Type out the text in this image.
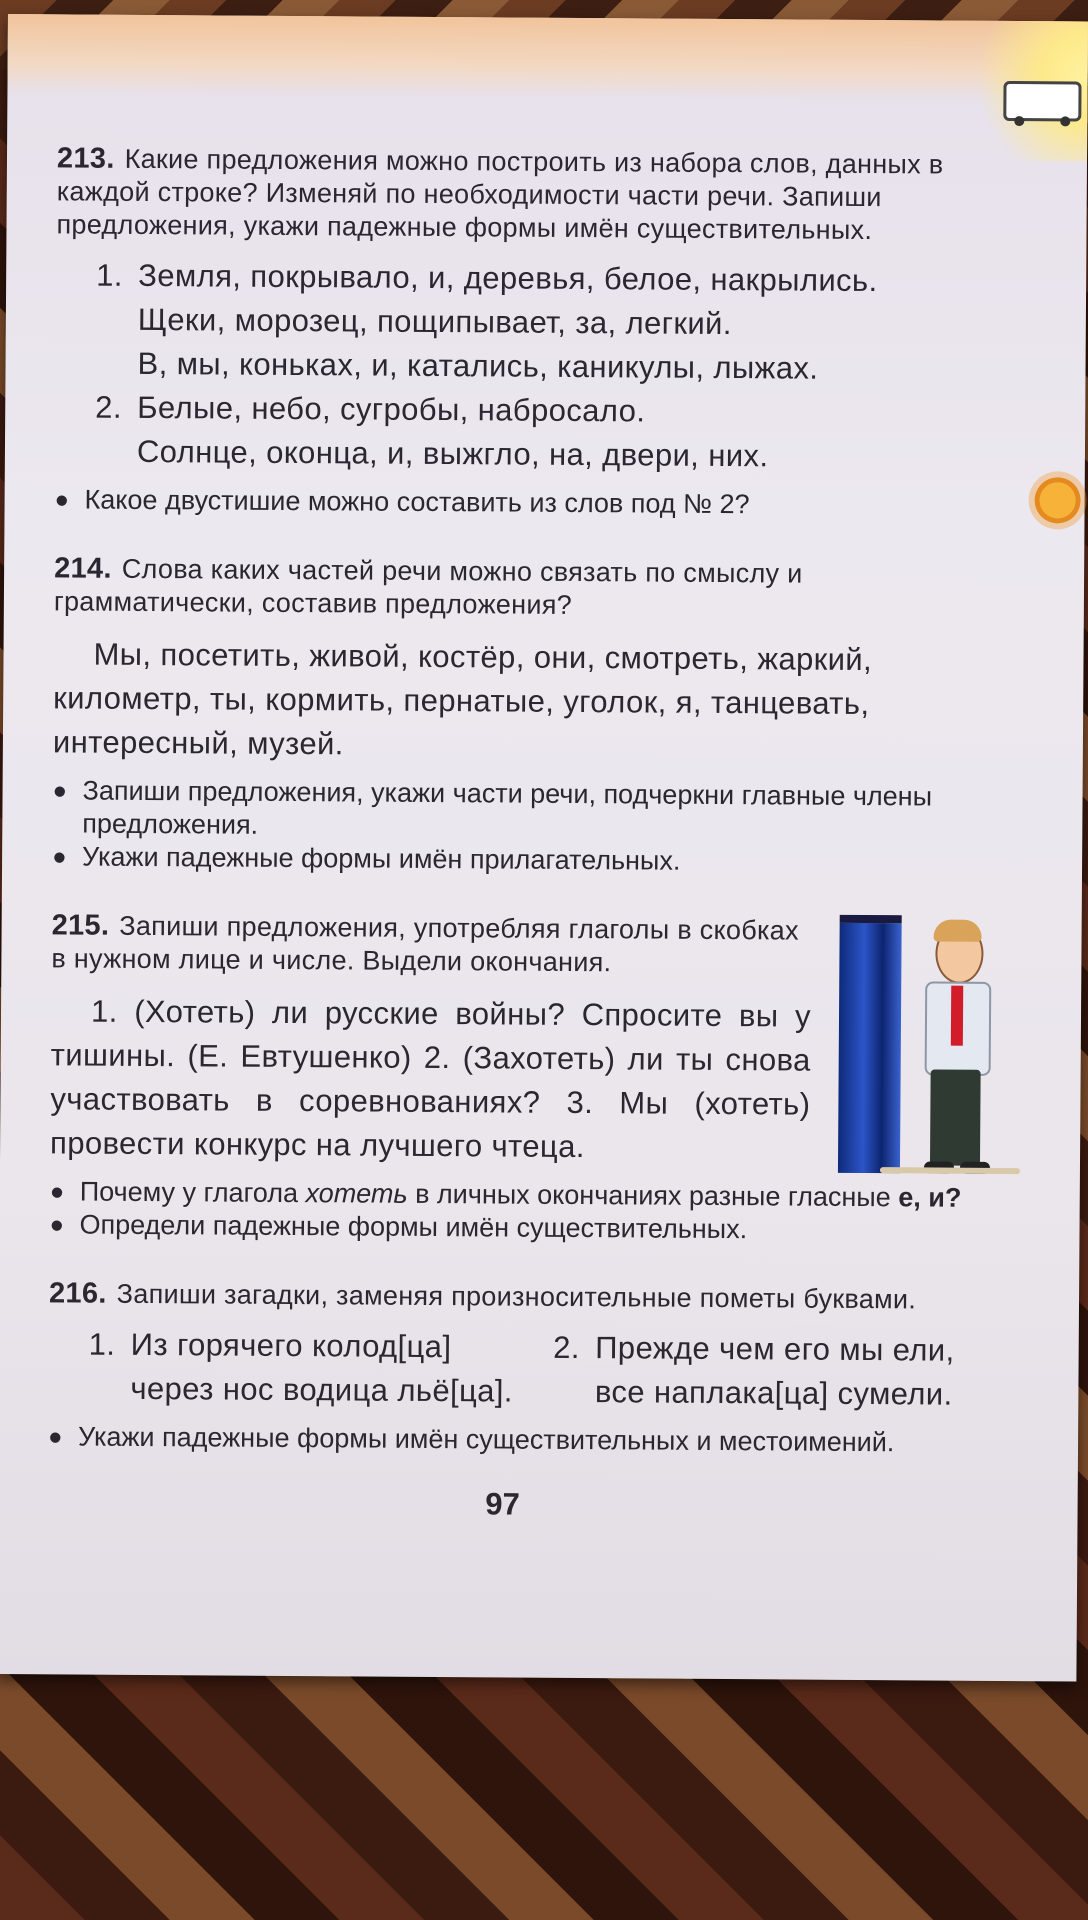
213. Какие предложения можно построить из набора слов, данных в каждой строке? Изменяй по необходимости части речи. Запиши предложения, укажи падежные формы имён существительных.
1. Земля, покрывало, и, деревья, белое, накрылись.
Щеки, морозец, пощипывает, за, легкий.
В, мы, коньках, и, катались, каникулы, лыжах.
2. Белые, небо, сугробы, набросало.
Солнце, оконца, и, выжгло, на, двери, них.
● Какое двустишие можно составить из слов под № 2?
214. Слова каких частей речи можно связать по смыслу и грамматически, составив предложения?
Мы, посетить, живой, костёр, они, смотреть, жаркий, километр, ты, кормить, пернатые, уголок, я, танцевать, интересный, музей.
● Запиши предложения, укажи части речи, подчеркни главные члены предложения.
● Укажи падежные формы имён прилагательных.
215. Запиши предложения, употребляя глаголы в скобках в нужном лице и числе. Выдели окончания.
1. (Хотеть) ли русские войны? Спросите вы у тишины. (Е. Евтушенко) 2. (Захотеть) ли ты снова участвовать в соревнованиях? 3. Мы (хотеть) провести конкурс на лучшего чтеца.
● Почему у глагола хотеть в личных окончаниях разные гласные е, и?
● Определи падежные формы имён существительных.
216. Запиши загадки, заменяя произносительные пометы буквами.
1. Из горячего колод[ца]
через нос водица льё[ца].
2. Прежде чем его мы ели,
все наплака[ца] сумели.
● Укажи падежные формы имён существительных и местоимений.
97
